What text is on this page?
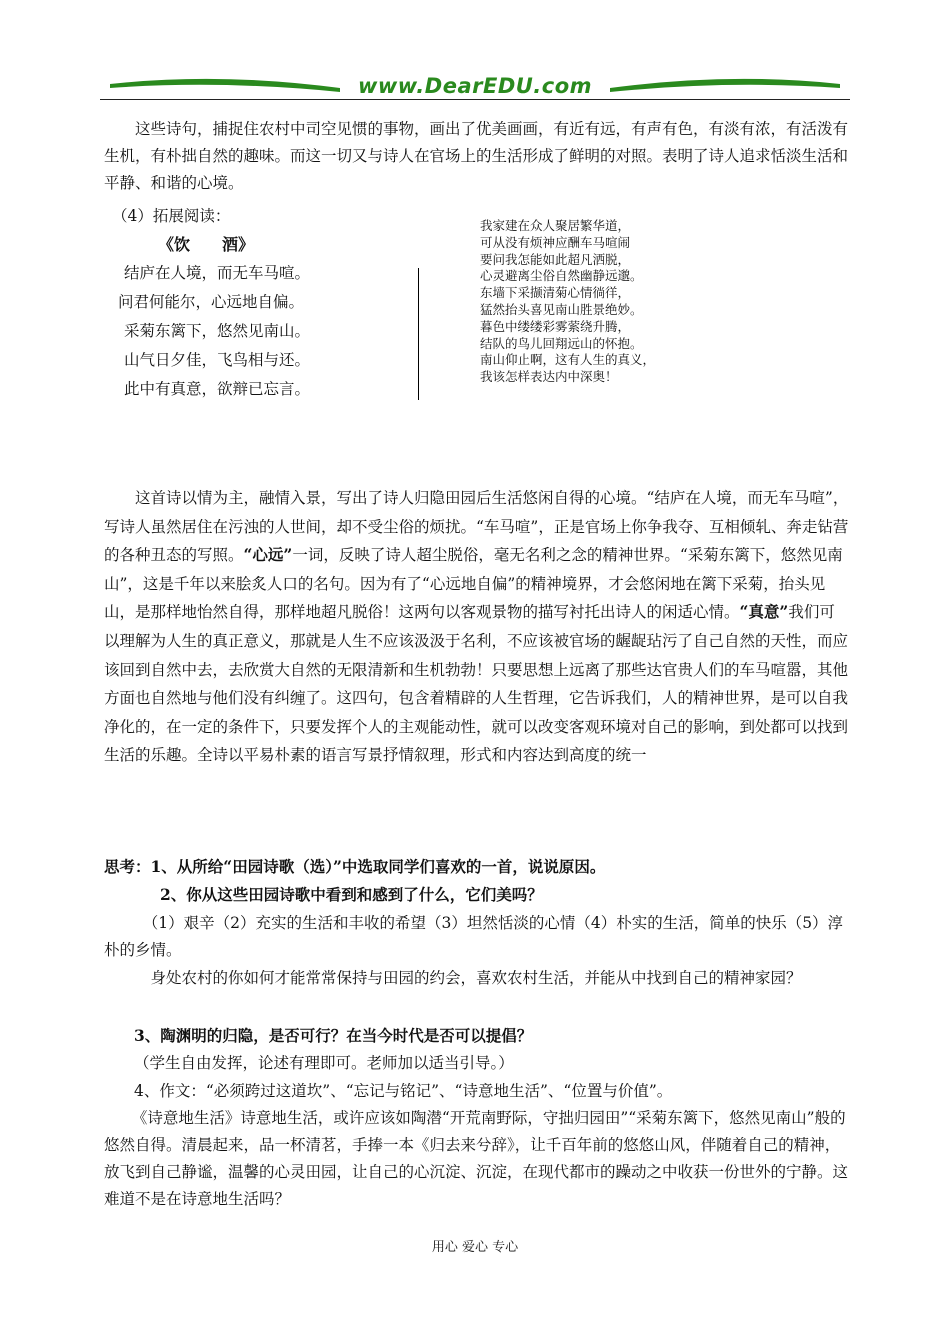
www.DearEDU.com

这些诗句，捕捉住农村中司空见惯的事物，画出了优美画画，有近有远，有声有色，有淡有浓，有活泼有生机，有朴拙自然的趣味。而这一切又与诗人在官场上的生活形成了鲜明的对照。表明了诗人追求恬淡生活和平静、和谐的心境。

（4）拓展阅读：

《饮　　酒》

结庐在人境，而无车马喧。

问君何能尔，心远地自偏。

采菊东篱下，悠然见南山。

山气日夕佳，飞鸟相与还。

此中有真意，欲辩已忘言。

我家建在众人聚居繁华道，

可从没有烦神应酬车马喧闹

要问我怎能如此超凡洒脱，

心灵避离尘俗自然幽静远邈。

东墙下采撷清菊心情徜徉，

猛然抬头喜见南山胜景绝妙。

暮色中缕缕彩雾萦绕升腾，

结队的鸟儿回翔远山的怀抱。

南山仰止啊，这有人生的真义，

我该怎样表达内中深奥！

这首诗以情为主，融情入景，写出了诗人归隐田园后生活悠闲自得的心境。“结庐在人境，而无车马喧”，写诗人虽然居住在污浊的人世间，却不受尘俗的烦扰。“车马喧”，正是官场上你争我夺、互相倾轧、奔走钻营的各种丑态的写照。“心远”一词，反映了诗人超尘脱俗，毫无名利之念的精神世界。“采菊东篱下，悠然见南山”，这是千年以来脍炙人口的名句。因为有了“心远地自偏”的精神境界，才会悠闲地在篱下采菊，抬头见山，是那样地怡然自得，那样地超凡脱俗！这两句以客观景物的描写衬托出诗人的闲适心情。“真意”我们可以理解为人生的真正意义，那就是人生不应该汲汲于名利，不应该被官场的龌龊玷污了自己自然的天性，而应该回到自然中去，去欣赏大自然的无限清新和生机勃勃！只要思想上远离了那些达官贵人们的车马喧嚣，其他方面也自然地与他们没有纠缠了。这四句，包含着精辟的人生哲理，它告诉我们，人的精神世界，是可以自我净化的，在一定的条件下，只要发挥个人的主观能动性，就可以改变客观环境对自己的影响，到处都可以找到生活的乐趣。全诗以平易朴素的语言写景抒情叙理，形式和内容达到高度的统一

思考：1、从所给“田园诗歌（选）”中选取同学们喜欢的一首，说说原因。

2、你从这些田园诗歌中看到和感到了什么，它们美吗？

（1）艰辛（2）充实的生活和丰收的希望（3）坦然恬淡的心情（4）朴实的生活，简单的快乐（5）淳朴的乡情。

身处农村的你如何才能常常保持与田园的约会，喜欢农村生活，并能从中找到自己的精神家园？

3、陶渊明的归隐，是否可行？在当今时代是否可以提倡？

（学生自由发挥，论述有理即可。老师加以适当引导。）

4、作文：“必须跨过这道坎”、“忘记与铭记”、“诗意地生活”、“位置与价值”。

《诗意地生活》诗意地生活，或许应该如陶潜“开荒南野际，守拙归园田”“采菊东篱下，悠然见南山”般的悠然自得。清晨起来，品一杯清茗，手捧一本《归去来兮辞》，让千百年前的悠悠山风，伴随着自己的精神，放飞到自己静谧，温馨的心灵田园，让自己的心沉淀、沉淀，在现代都市的躁动之中收获一份世外的宁静。这难道不是在诗意地生活吗？

用心 爱心 专心
